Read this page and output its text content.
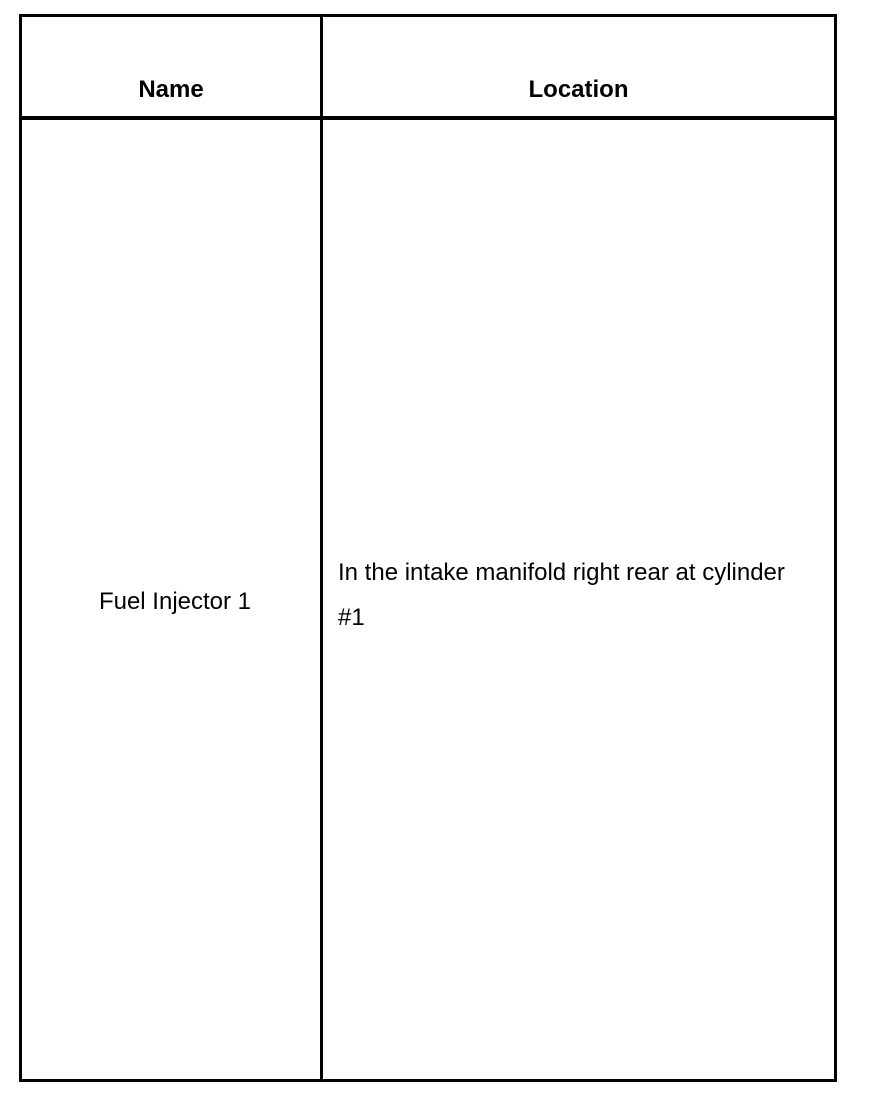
Name	Location
Fuel Injector 1
In the intake manifold right rear at cylinder #1
